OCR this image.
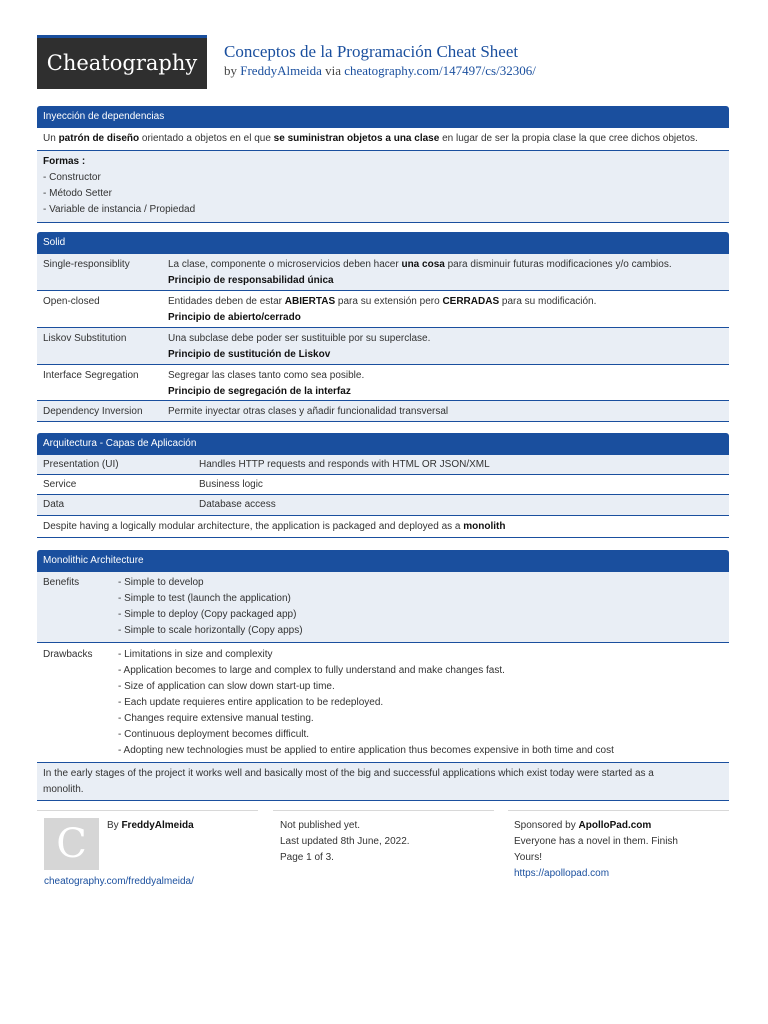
Cheatography	Conceptos de la Programación Cheat Sheet
by FreddyAlmeida via cheatography.com/147497/cs/32306/
Inyección de dependencias
Un patrón de diseño orientado a objetos en el que se suministran objetos a una clase en lugar de ser la propia clase la que cree dichos objetos.
Formas :
- Constructor
- Método Setter
- Variable de instancia / Propiedad
Solid
Single-responsiblity	La clase, componente o microservicios deben hacer una cosa para disminuir futuras modificaciones y/o cambios.
Principio de responsabilidad única
Open-closed	Entidades deben de estar ABIERTAS para su extensión pero CERRADAS para su modificación.
Principio de abierto/cerrado
Liskov Substitution	Una subclase debe poder ser sustituible por su superclase.
Principio de sustitución de Liskov
Interface Segregation	Segregar las clases tanto como sea posible.
Principio de segregación de la interfaz
Dependency Inversion	Permite inyectar otras clases y añadir funcionalidad transversal
Arquitectura - Capas de Aplicación
Presentation (UI)	Handles HTTP requests and responds with HTML OR JSON/XML
Service	Business logic
Data	Database access
Despite having a logically modular architecture, the application is packaged and deployed as a monolith
Monolithic Architecture
Benefits	- Simple to develop
- Simple to test (launch the application)
- Simple to deploy (Copy packaged app)
- Simple to scale horizontally (Copy apps)
Drawbacks	- Limitations in size and complexity
- Application becomes to large and complex to fully understand and make changes fast.
- Size of application can slow down start-up time.
- Each update requieres entire application to be redeployed.
- Changes require extensive manual testing.
- Continuous deployment becomes difficult.
- Adopting new technologies must be applied to entire application thus becomes expensive in both time and cost
In the early stages of the project it works well and basically most of the big and successful applications which exist today were started as a
monolith.
C	By FreddyAlmeida
cheatography.com/freddyalmeida/
Not published yet.
Last updated 8th June, 2022.
Page 1 of 3.
Sponsored by ApolloPad.com
Everyone has a novel in them. Finish
Yours!
https://apollopad.com
